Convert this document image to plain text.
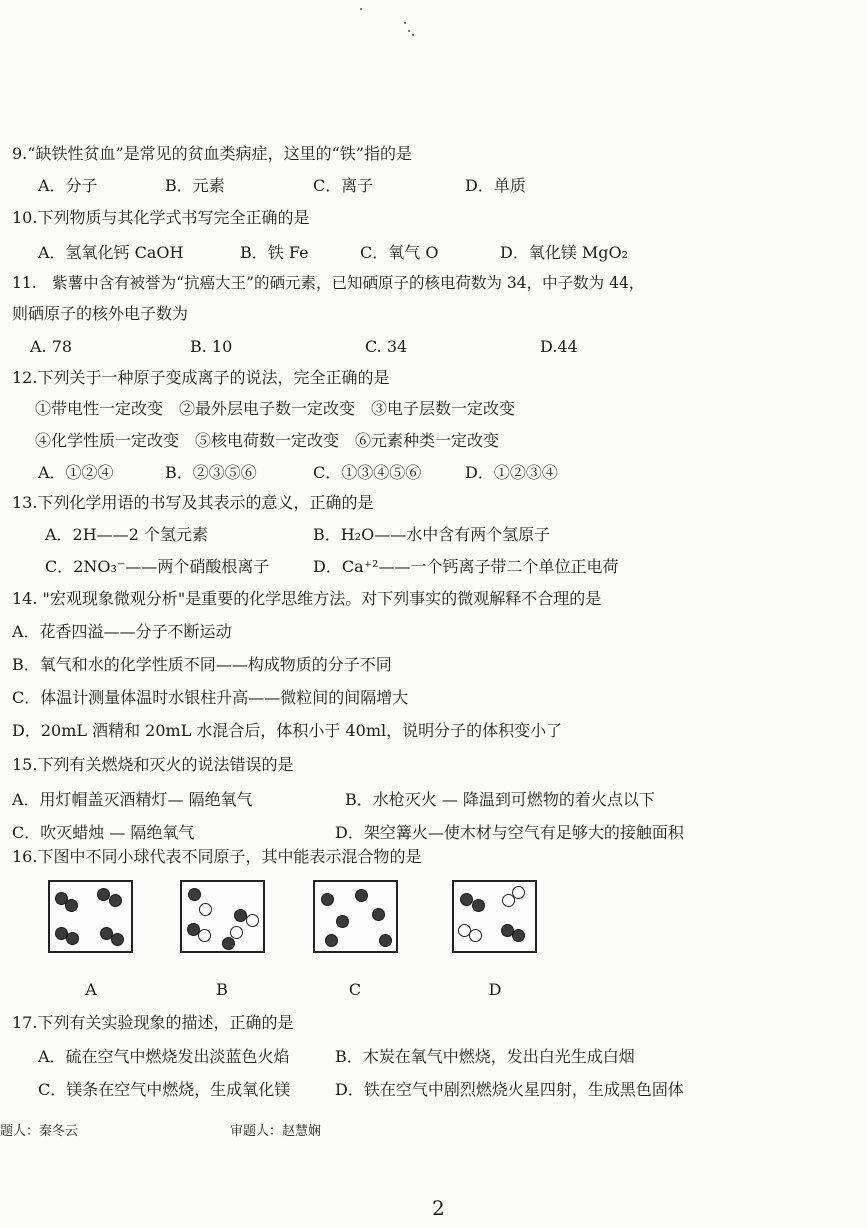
9.“缺铁性贫血”是常见的贫血类病症，这里的“铁”指的是
A．分子	B．元素	C．离子	D．单质
10.下列物质与其化学式书写完全正确的是
A．氢氧化钙 CaOH	B．铁 Fe	C．氧气 O	D．氧化镁 MgO₂
11.　紫薯中含有被誉为“抗癌大王”的硒元素，已知硒原子的核电荷数为 34，中子数为 44，
则硒原子的核外电子数为
A. 78	B. 10	C. 34	D.44
12.下列关于一种原子变成离子的说法，完全正确的是
①带电性一定改变　②最外层电子数一定改变　③电子层数一定改变
④化学性质一定改变　⑤核电荷数一定改变　⑥元素种类一定改变
A．①②④	B．②③⑤⑥	C．①③④⑤⑥	D．①②③④
13.下列化学用语的书写及其表示的意义，正确的是
A．2H——2 个氢元素	B．H₂O——水中含有两个氢原子
C．2NO₃⁻——两个硝酸根离子	D．Ca⁺²——一个钙离子带二个单位正电荷
14. "宏观现象微观分析"是重要的化学思维方法。对下列事实的微观解释不合理的是
A．花香四溢——分子不断运动
B．氧气和水的化学性质不同——构成物质的分子不同
C．体温计测量体温时水银柱升高——微粒间的间隔增大
D．20mL 酒精和 20mL 水混合后，体积小于 40ml，说明分子的体积变小了
15.下列有关燃烧和灭火的说法错误的是
A．用灯帽盖灭酒精灯— 隔绝氧气	B．水枪灭火 — 降温到可燃物的着火点以下
C．吹灭蜡烛 — 隔绝氧气	D．架空篝火—使木材与空气有足够大的接触面积
16.下图中不同小球代表不同原子，其中能表示混合物的是
A	B	C	D
17.下列有关实验现象的描述，正确的是
A．硫在空气中燃烧发出淡蓝色火焰	B．木炭在氧气中燃烧，发出白光生成白烟
C．镁条在空气中燃烧，生成氧化镁	D．铁在空气中剧烈燃烧火星四射，生成黑色固体
题人：秦冬云	审题人：赵慧娴
2
